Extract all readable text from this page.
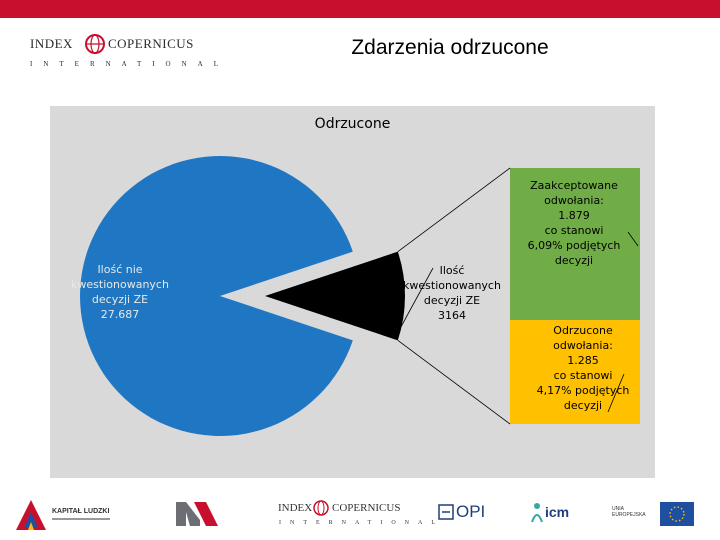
INDEX	COPERNICUS
INTERNATIONAL
Zdarzenia odrzucone
Odrzucone
Ilość nie
kwestionowanych
decyzji ZE
27.687
Ilość
kwestionowanych
decyzji ZE
3164
Zaakceptowane
odwołania:
1.879
co stanowi
6,09% podjętych
decyzji
Odrzucone
odwołania:
1.285
co stanowi
4,17% podjętych
decyzji
KAPITAŁ LUDZKI	INDEX COPERNICUS
INTERNATIONAL
OPI	icm	UNIA EUROPEJSKA
